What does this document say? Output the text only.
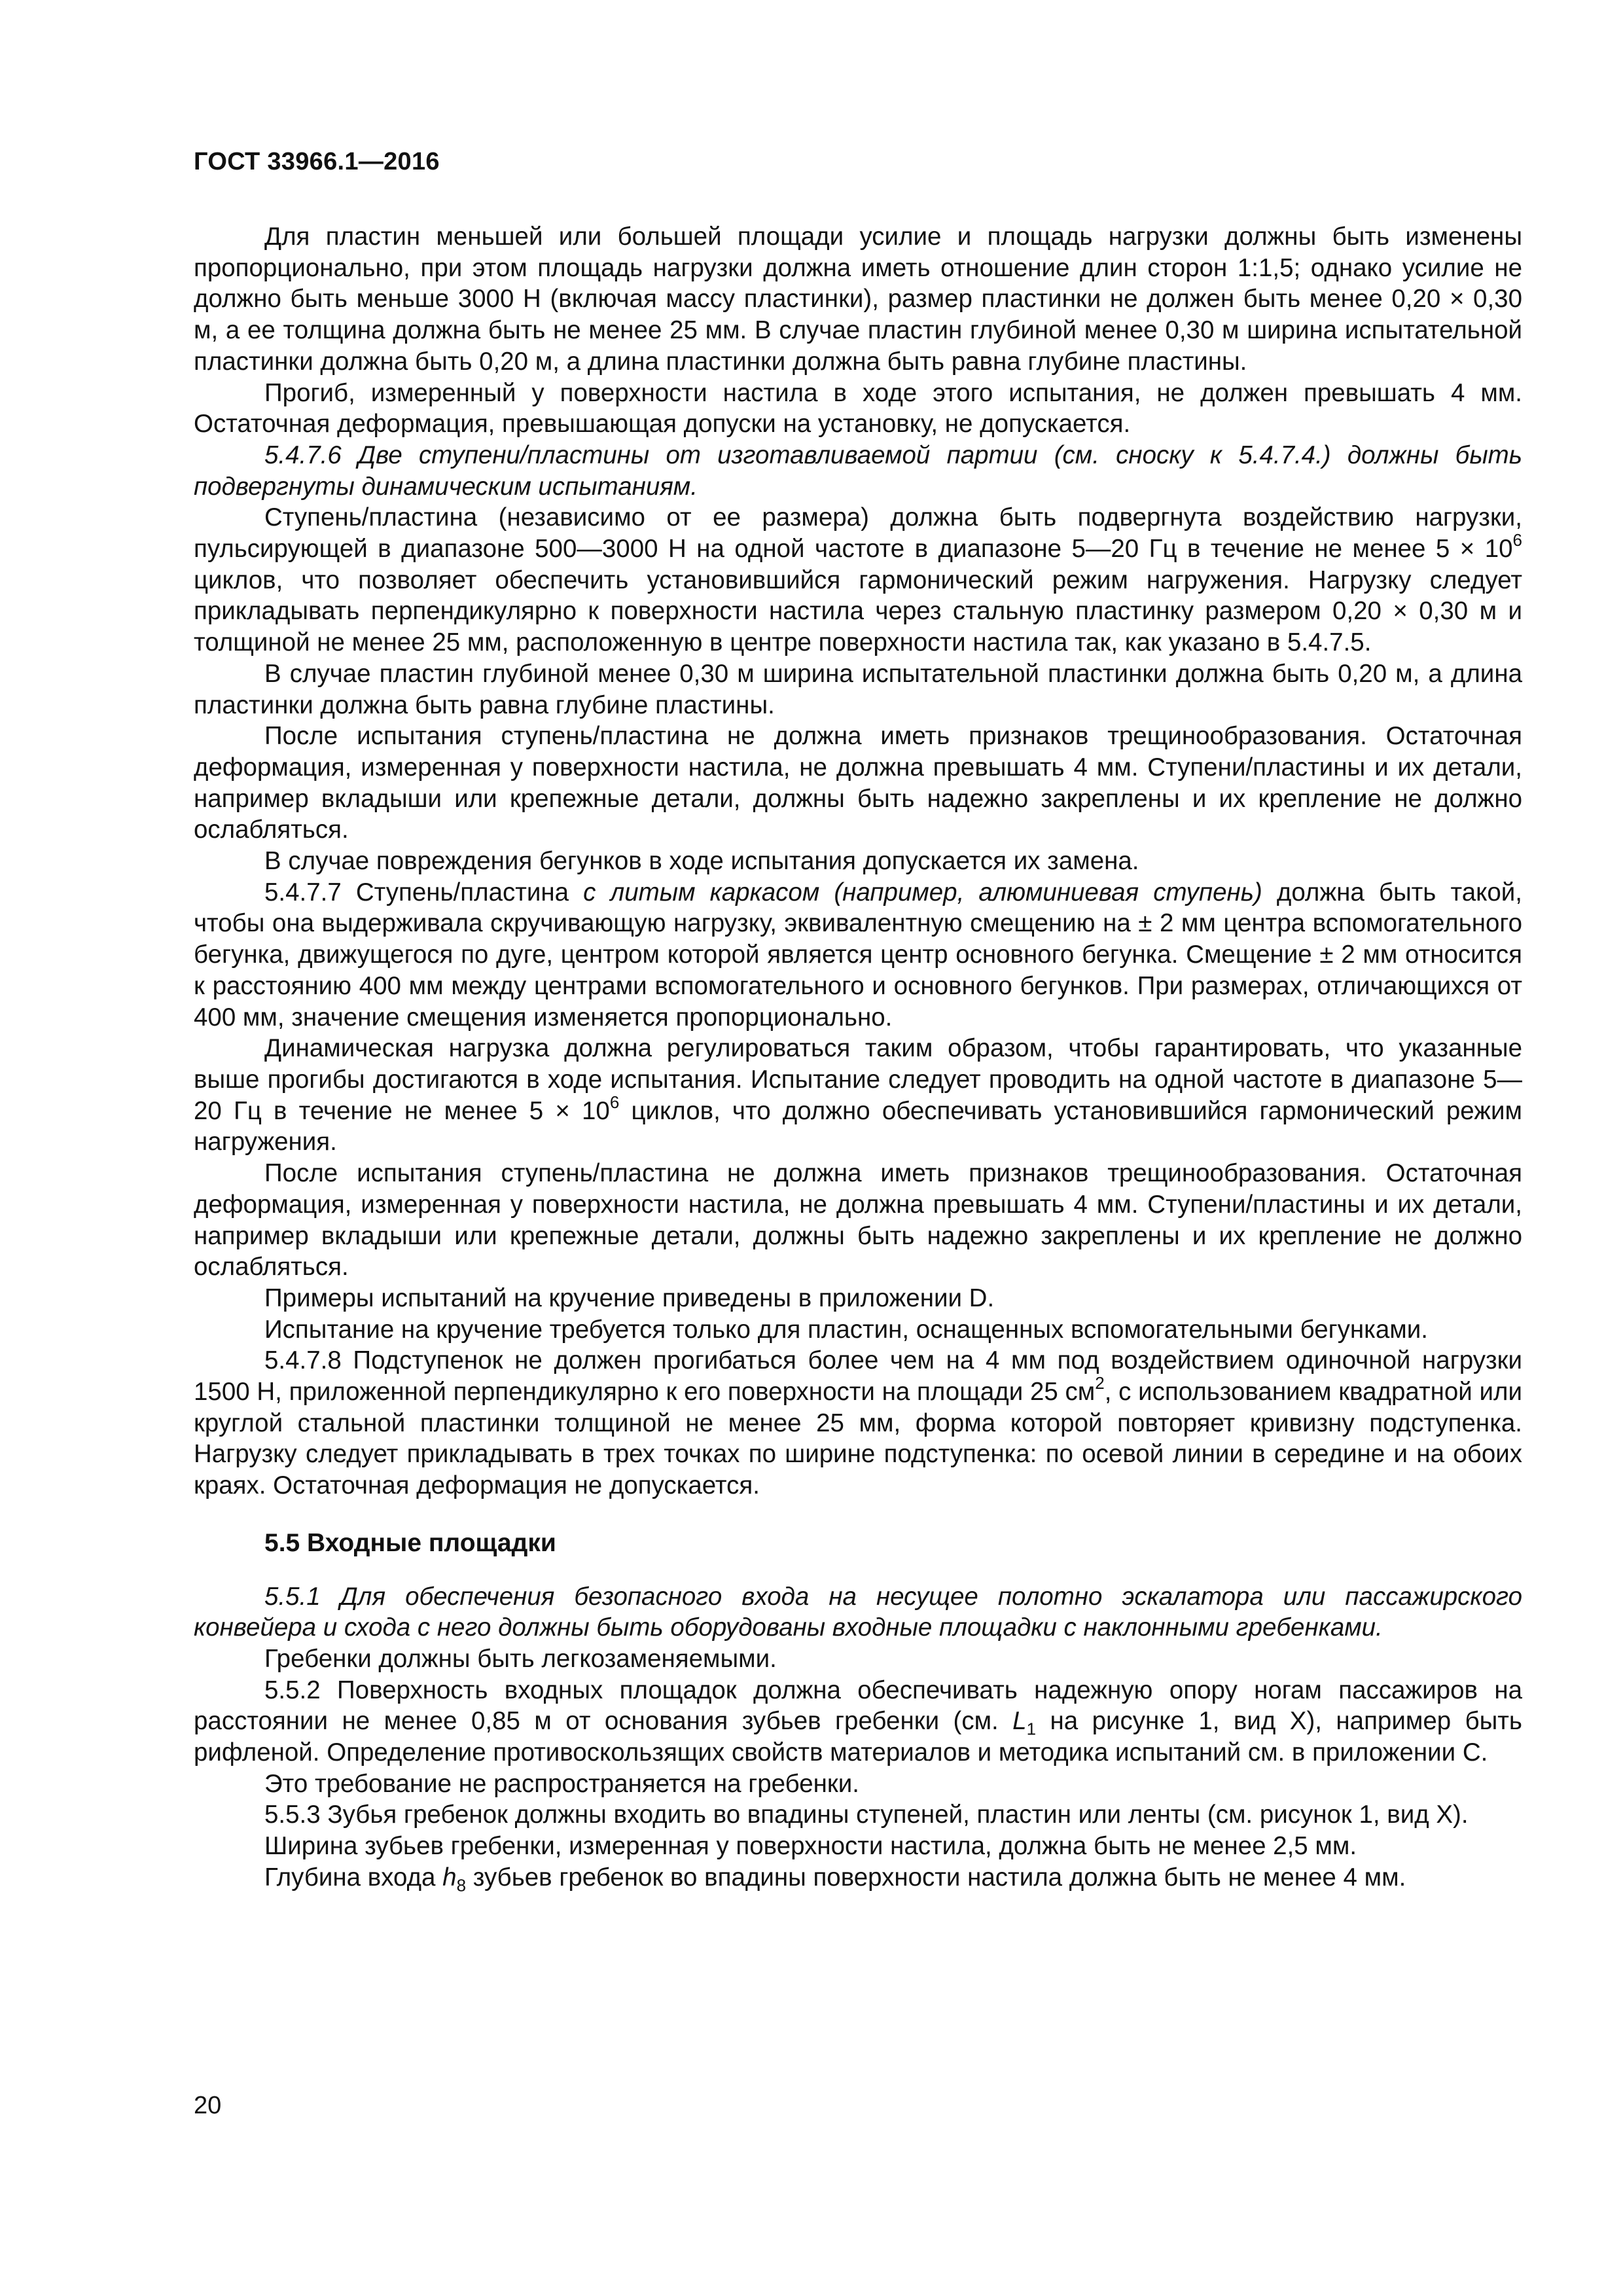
ГОСТ 33966.1—2016

Для пластин меньшей или большей площади усилие и площадь нагрузки должны быть изменены пропорционально, при этом площадь нагрузки должна иметь отношение длин сторон 1:1,5; однако усилие не должно быть меньше 3000 Н (включая массу пластинки), размер пластинки не должен быть менее 0,20 × 0,30 м, а ее толщина должна быть не менее 25 мм. В случае пластин глубиной менее 0,30 м ширина испытательной пластинки должна быть 0,20 м, а длина пластинки должна быть равна глубине пластины.

Прогиб, измеренный у поверхности настила в ходе этого испытания, не должен превышать 4 мм. Остаточная деформация, превышающая допуски на установку, не допускается.

5.4.7.6 Две ступени/пластины от изготавливаемой партии (см. сноску к 5.4.7.4.) должны быть подвергнуты динамическим испытаниям.

Ступень/пластина (независимо от ее размера) должна быть подвергнута воздействию нагрузки, пульсирующей в диапазоне 500—3000 Н на одной частоте в диапазоне 5—20 Гц в течение не менее $5 \times 10^6$ циклов, что позволяет обеспечить установившийся гармонический режим нагружения. Нагрузку следует прикладывать перпендикулярно к поверхности настила через стальную пластинку размером 0,20 × 0,30 м и толщиной не менее 25 мм, расположенную в центре поверхности настила так, как указано в 5.4.7.5.

В случае пластин глубиной менее 0,30 м ширина испытательной пластинки должна быть 0,20 м, а длина пластинки должна быть равна глубине пластины.

После испытания ступень/пластина не должна иметь признаков трещинообразования. Остаточная деформация, измеренная у поверхности настила, не должна превышать 4 мм. Ступени/пластины и их детали, например вкладыши или крепежные детали, должны быть надежно закреплены и их крепление не должно ослабляться.

В случае повреждения бегунков в ходе испытания допускается их замена.

5.4.7.7 Ступень/пластина с литым каркасом (например, алюминиевая ступень) должна быть такой, чтобы она выдерживала скручивающую нагрузку, эквивалентную смещению на ± 2 мм центра вспомогательного бегунка, движущегося по дуге, центром которой является центр основного бегунка. Смещение ± 2 мм относится к расстоянию 400 мм между центрами вспомогательного и основного бегунков. При размерах, отличающихся от 400 мм, значение смещения изменяется пропорционально.

Динамическая нагрузка должна регулироваться таким образом, чтобы гарантировать, что указанные выше прогибы достигаются в ходе испытания. Испытание следует проводить на одной частоте в диапазоне 5—20 Гц в течение не менее $5 \times 10^6$ циклов, что должно обеспечивать установившийся гармонический режим нагружения.

После испытания ступень/пластина не должна иметь признаков трещинообразования. Остаточная деформация, измеренная у поверхности настила, не должна превышать 4 мм. Ступени/пластины и их детали, например вкладыши или крепежные детали, должны быть надежно закреплены и их крепление не должно ослабляться.

Примеры испытаний на кручение приведены в приложении D.

Испытание на кручение требуется только для пластин, оснащенных вспомогательными бегунками.

5.4.7.8 Подступенок не должен прогибаться более чем на 4 мм под воздействием одиночной нагрузки 1500 Н, приложенной перпендикулярно к его поверхности на площади 25 $см^2$, с использованием квадратной или круглой стальной пластинки толщиной не менее 25 мм, форма которой повторяет кривизну подступенка. Нагрузку следует прикладывать в трех точках по ширине подступенка: по осевой линии в середине и на обоих краях. Остаточная деформация не допускается.

5.5 Входные площадки

5.5.1 Для обеспечения безопасного входа на несущее полотно эскалатора или пассажирского конвейера и схода с него должны быть оборудованы входные площадки с наклонными гребенками.

Гребенки должны быть легкозаменяемыми.

5.5.2 Поверхность входных площадок должна обеспечивать надежную опору ногам пассажиров на расстоянии не менее 0,85 м от основания зубьев гребенки (см. $L_1$ на рисунке 1, вид X), например быть рифленой. Определение противоскользящих свойств материалов и методика испытаний см. в приложении C.

Это требование не распространяется на гребенки.

5.5.3 Зубья гребенок должны входить во впадины ступеней, пластин или ленты (см. рисунок 1, вид X).

Ширина зубьев гребенки, измеренная у поверхности настила, должна быть не менее 2,5 мм.

Глубина входа $h_8$ зубьев гребенок во впадины поверхности настила должна быть не менее 4 мм.

20
